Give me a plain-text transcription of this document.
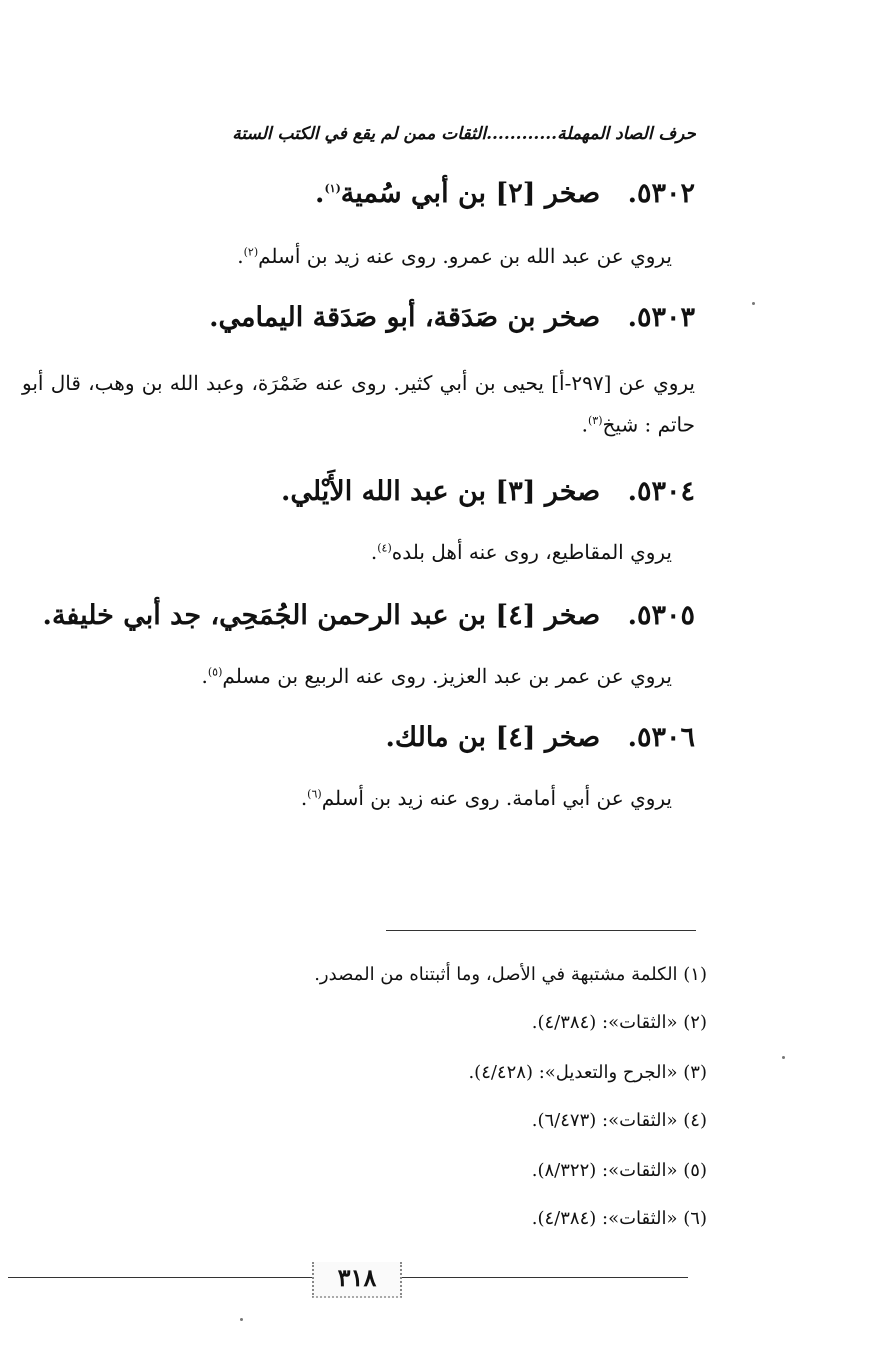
حرف الصاد المهملة............الثقات ممن لم يقع في الكتب الستة
٥٣٠٢. صخر [٢] بن أبي سُمية$^{(١)}$.
يروي عن عبد الله بن عمرو. روى عنه زيد بن أسلم$^{(٢)}$.
٥٣٠٣. صخر بن صَدَقة، أبو صَدَقة اليمامي.
يروي عن [٢٩٧-أ] يحيى بن أبي كثير. روى عنه ضَمْرَة، وعبد الله بن وهب، قال أبو حاتم : شيخ$^{(٣)}$.
٥٣٠٤. صخر [٣] بن عبد الله الأَيْلي.
يروي المقاطيع، روى عنه أهل بلده$^{(٤)}$.
٥٣٠٥. صخر [٤] بن عبد الرحمن الجُمَحِي، جد أبي خليفة.
يروي عن عمر بن عبد العزيز. روى عنه الربيع بن مسلم$^{(٥)}$.
٥٣٠٦. صخر [٤] بن مالك.
يروي عن أبي أمامة. روى عنه زيد بن أسلم$^{(٦)}$.
(١) الكلمة مشتبهة في الأصل، وما أثبتناه من المصدر.
(٢) «الثقات»: (٤/٣٨٤).
(٣) «الجرح والتعديل»: (٤/٤٢٨).
(٤) «الثقات»: (٦/٤٧٣).
(٥) «الثقات»: (٨/٣٢٢).
(٦) «الثقات»: (٤/٣٨٤).
٣١٨
